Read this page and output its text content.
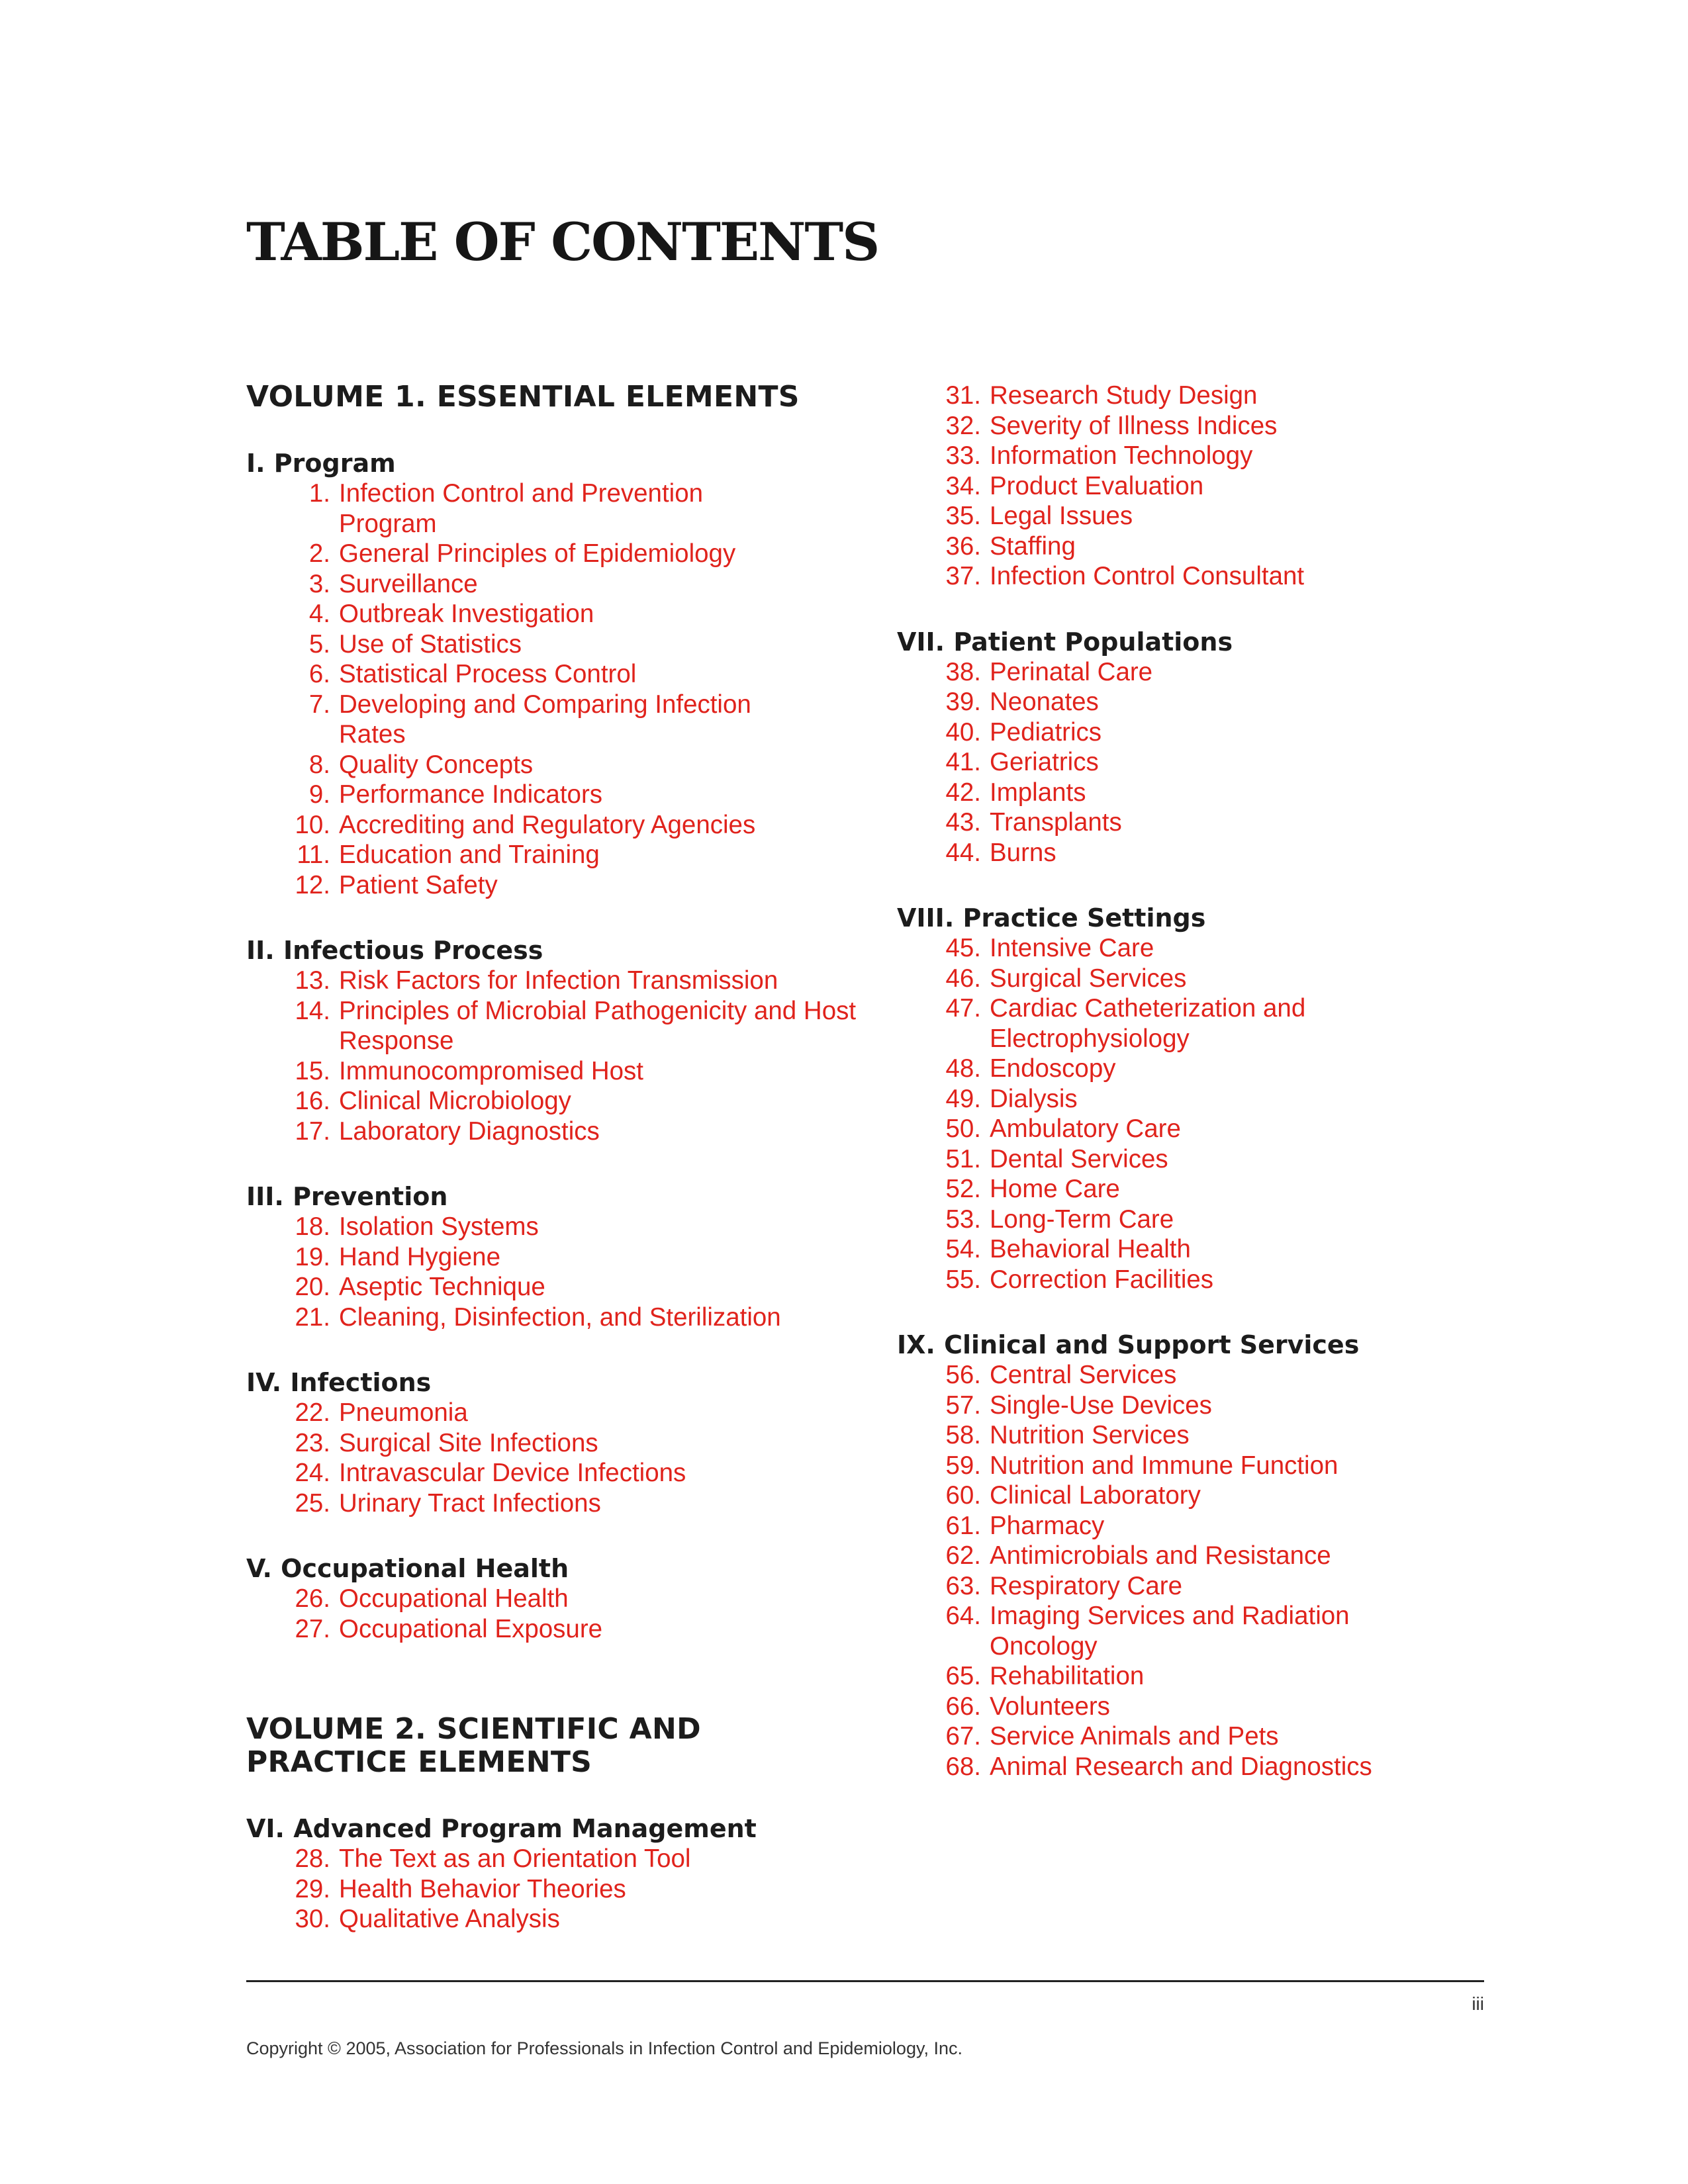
TABLE OF CONTENTS
VOLUME 1. ESSENTIAL ELEMENTS
I. Program
1. Infection Control and Prevention Program
2. General Principles of Epidemiology
3. Surveillance
4. Outbreak Investigation
5. Use of Statistics
6. Statistical Process Control
7. Developing and Comparing Infection Rates
8. Quality Concepts
9. Performance Indicators
10. Accrediting and Regulatory Agencies
11. Education and Training
12. Patient Safety
II. Infectious Process
13. Risk Factors for Infection Transmission
14. Principles of Microbial Pathogenicity and Host Response
15. Immunocompromised Host
16. Clinical Microbiology
17. Laboratory Diagnostics
III. Prevention
18. Isolation Systems
19. Hand Hygiene
20. Aseptic Technique
21. Cleaning, Disinfection, and Sterilization
IV. Infections
22. Pneumonia
23. Surgical Site Infections
24. Intravascular Device Infections
25. Urinary Tract Infections
V. Occupational Health
26. Occupational Health
27. Occupational Exposure
VOLUME 2. SCIENTIFIC AND PRACTICE ELEMENTS
VI. Advanced Program Management
28. The Text as an Orientation Tool
29. Health Behavior Theories
30. Qualitative Analysis
31. Research Study Design
32. Severity of Illness Indices
33. Information Technology
34. Product Evaluation
35. Legal Issues
36. Staffing
37. Infection Control Consultant
VII. Patient Populations
38. Perinatal Care
39. Neonates
40. Pediatrics
41. Geriatrics
42. Implants
43. Transplants
44. Burns
VIII. Practice Settings
45. Intensive Care
46. Surgical Services
47. Cardiac Catheterization and Electrophysiology
48. Endoscopy
49. Dialysis
50. Ambulatory Care
51. Dental Services
52. Home Care
53. Long-Term Care
54. Behavioral Health
55. Correction Facilities
IX. Clinical and Support Services
56. Central Services
57. Single-Use Devices
58. Nutrition Services
59. Nutrition and Immune Function
60. Clinical Laboratory
61. Pharmacy
62. Antimicrobials and Resistance
63. Respiratory Care
64. Imaging Services and Radiation Oncology
65. Rehabilitation
66. Volunteers
67. Service Animals and Pets
68. Animal Research and Diagnostics
iii
Copyright © 2005, Association for Professionals in Infection Control and Epidemiology, Inc.
